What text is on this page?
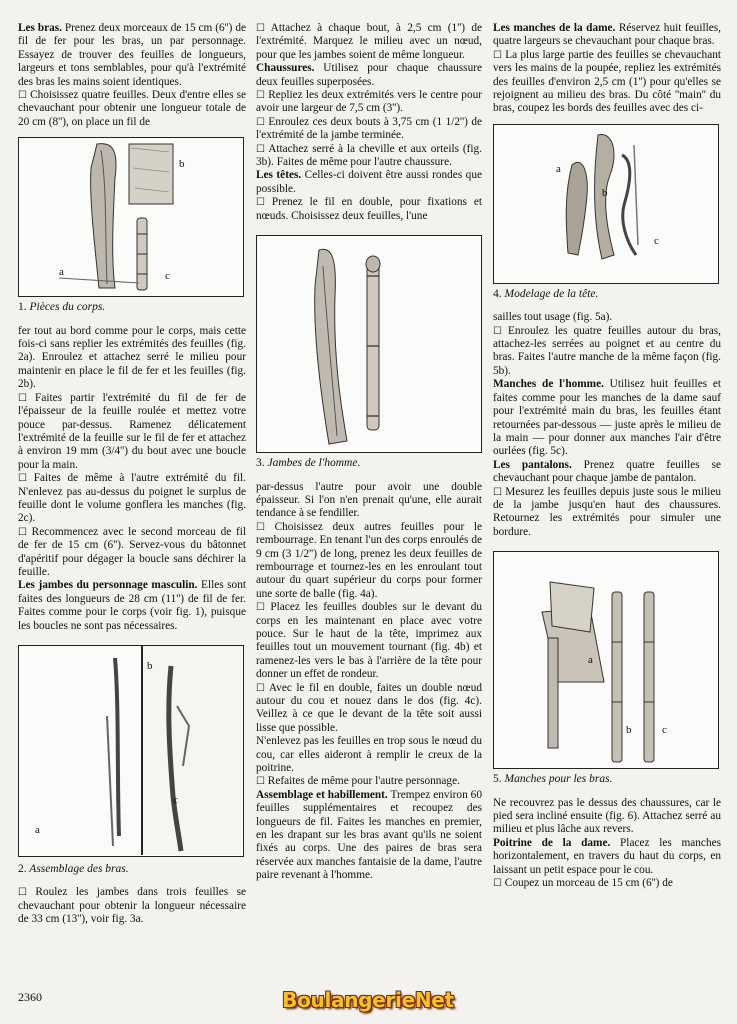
Les bras. Prenez deux morceaux de 15 cm (6'') de fil de fer pour les bras, un par personnage. Essayez de trouver des feuilles de longueurs, largeurs et tons semblables, pour qu'à l'extrémité des bras les mains soient identiques.

☐ Choisissez quatre feuilles. Deux d'entre elles se chevauchant pour obtenir une longueur totale de 20 cm (8''), on place un fil de

a
b
c
1. Pièces du corps.

fer tout au bord comme pour le corps, mais cette fois-ci sans replier les extrémités des feuilles (fig. 2a). Enroulez et attachez serré le milieu pour maintenir en place le fil de fer et les feuilles (fig. 2b).

☐ Faites partir l'extrémité du fil de fer de l'épaisseur de la feuille roulée et mettez votre pouce par-dessus. Ramenez délicatement l'extrémité de la feuille sur le fil de fer et attachez à environ 19 mm (3/4'') du bout avec une boucle pour la main.

☐ Faites de même à l'autre extrémité du fil. N'enlevez pas au-dessus du poignet le surplus de feuille dont le volume gonflera les manches (fig. 2c).

☐ Recommencez avec le second morceau de fil de fer de 15 cm (6''). Servez-vous du bâtonnet d'apéritif pour dégager la boucle sans déchirer la feuille.

Les jambes du personnage masculin. Elles sont faites des longueurs de 28 cm (11'') de fil de fer. Faites comme pour le corps (voir fig. 1), puisque les boucles ne sont pas nécessaires.

a
b
c
2. Assemblage des bras.

☐ Roulez les jambes dans trois feuilles se chevauchant pour obtenir la longueur nécessaire de 33 cm (13''), voir fig. 3a.

☐ Attachez à chaque bout, à 2,5 cm (1'') de l'extrémité. Marquez le milieu avec un nœud, pour que les jambes soient de même longueur.

Chaussures. Utilisez pour chaque chaussure deux feuilles superposées.

☐ Repliez les deux extrémités vers le centre pour avoir une largeur de 7,5 cm (3'').

☐ Enroulez ces deux bouts à 3,75 cm (1 1/2'') de l'extrémité de la jambe terminée.

☐ Attachez serré à la cheville et aux orteils (fig. 3b). Faites de même pour l'autre chaussure.

Les têtes. Celles-ci doivent être aussi rondes que possible.

☐ Prenez le fil en double, pour fixations et nœuds. Choisissez deux feuilles, l'une

3. Jambes de l'homme.

par-dessus l'autre pour avoir une double épaisseur. Si l'on n'en prenait qu'une, elle aurait tendance à se fendiller.

☐ Choisissez deux autres feuilles pour le rembourrage. En tenant l'un des corps enroulés de 9 cm (3 1/2'') de long, prenez les deux feuilles de rembourrage et tournez-les en les enroulant tout autour du quart supérieur du corps pour former une sorte de balle (fig. 4a).

☐ Placez les feuilles doubles sur le devant du corps en les maintenant en place avec votre pouce. Sur le haut de la tête, imprimez aux feuilles tout un mouvement tournant (fig. 4b) et ramenez-les vers le bas à l'arrière de la tête pour donner un effet de rondeur.

☐ Avec le fil en double, faites un double nœud autour du cou et nouez dans le dos (fig. 4c). Veillez à ce que le devant de la tête soit aussi lisse que possible.

N'enlevez pas les feuilles en trop sous le nœud du cou, car elles aideront à remplir le creux de la poitrine.

☐ Refaites de même pour l'autre personnage.

Assemblage et habillement. Trempez environ 60 feuilles supplémentaires et recoupez des longueurs de fil. Faites les manches en premier, en les drapant sur les bras avant qu'ils ne soient fixés au corps. Une des paires de bras sera réservée aux manches fantaisie de la dame, l'autre paire revenant à l'homme.

Les manches de la dame. Réservez huit feuilles, quatre largeurs se chevauchant pour chaque bras.

☐ La plus large partie des feuilles se chevauchant vers les mains de la poupée, repliez les extrémités des feuilles d'environ 2,5 cm (1'') pour qu'elles se rejoignent au milieu des bras. Du côté ''main'' du bras, coupez les bords des feuilles avec des ci-

a
b
c
4. Modelage de la tête.

sailles tout usage (fig. 5a).

☐ Enroulez les quatre feuilles autour du bras, attachez-les serrées au poignet et au centre du bras. Faites l'autre manche de la même façon (fig. 5b).

Manches de l'homme. Utilisez huit feuilles et faites comme pour les manches de la dame sauf pour l'extrémité main du bras, les feuilles étant retournées par-dessous — juste après le milieu de la main — pour donner aux manches l'air d'être ourlées (fig. 5c).

Les pantalons. Prenez quatre feuilles se chevauchant pour chaque jambe de pantalon.

☐ Mesurez les feuilles depuis juste sous le milieu de la jambe jusqu'en haut des chaussures. Retournez les extrémités pour simuler une bordure.

a
b	c
5. Manches pour les bras.

Ne recouvrez pas le dessus des chaussures, car le pied sera incliné ensuite (fig. 6). Attachez serré au milieu et plus lâche aux revers.

Poitrine de la dame. Placez les manches horizontalement, en travers du haut du corps, en laissant un petit espace pour le cou.

☐ Coupez un morceau de 15 cm (6'') de

2360	BoulangerieNet
